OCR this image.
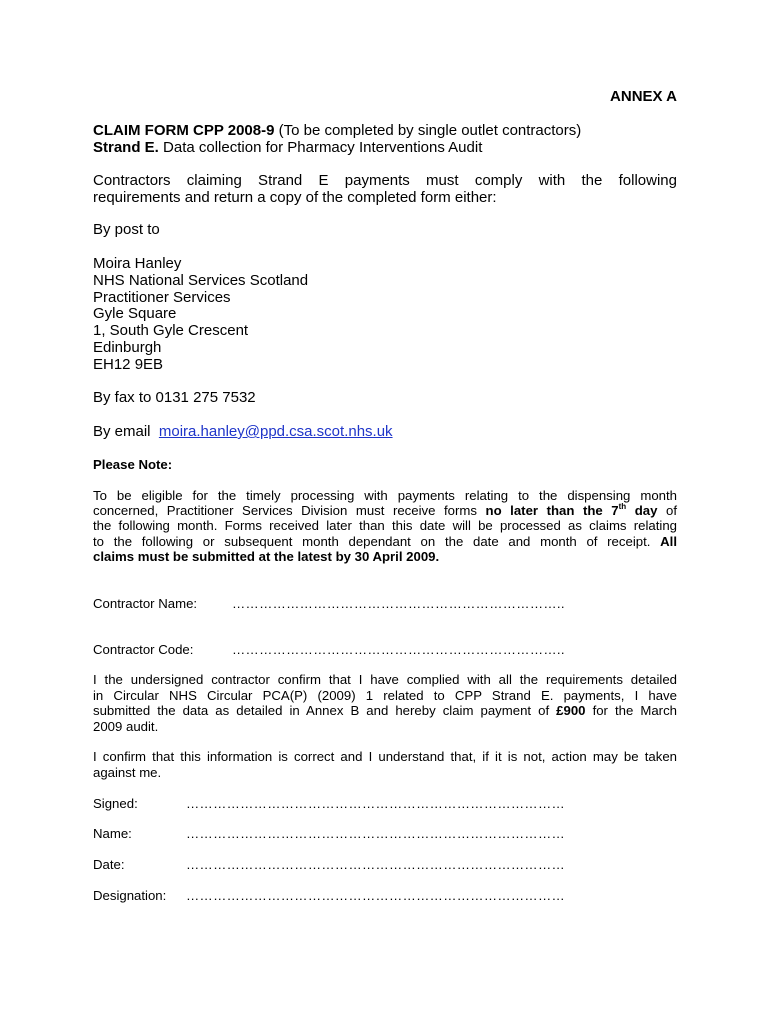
ANNEX A
CLAIM FORM CPP 2008-9 (To be completed by single outlet contractors)
Strand E. Data collection for Pharmacy Interventions Audit
Contractors claiming Strand E payments must comply with the following
requirements and return a copy of the completed form either:
By post to
Moira Hanley
NHS National Services Scotland
Practitioner Services
Gyle Square
1, South Gyle Crescent
Edinburgh
EH12 9EB
By fax to 0131 275 7532
By email moira.hanley@ppd.csa.scot.nhs.uk
Please Note:
To be eligible for the timely processing with payments relating to the dispensing month
concerned, Practitioner Services Division must receive forms no later than the 7th day of
the following month. Forms received later than this date will be processed as claims relating
to the following or subsequent month dependant on the date and month of receipt. All
claims must be submitted at the latest by 30 April 2009.
Contractor Name:	………………………………………………………………..
Contractor Code:	………………………………………………………………..
I the undersigned contractor confirm that I have complied with all the requirements detailed
in Circular NHS Circular PCA(P) (2009) 1 related to CPP Strand E. payments, I have
submitted the data as detailed in Annex B and hereby claim payment of £900 for the March
2009 audit.
I confirm that this information is correct and I understand that, if it is not, action may be taken
against me.
Signed:	…………………………………………………………………………
Name:	…………………………………………………………………………
Date:	…………………………………………………………………………
Designation: …………………………………………………………………………
